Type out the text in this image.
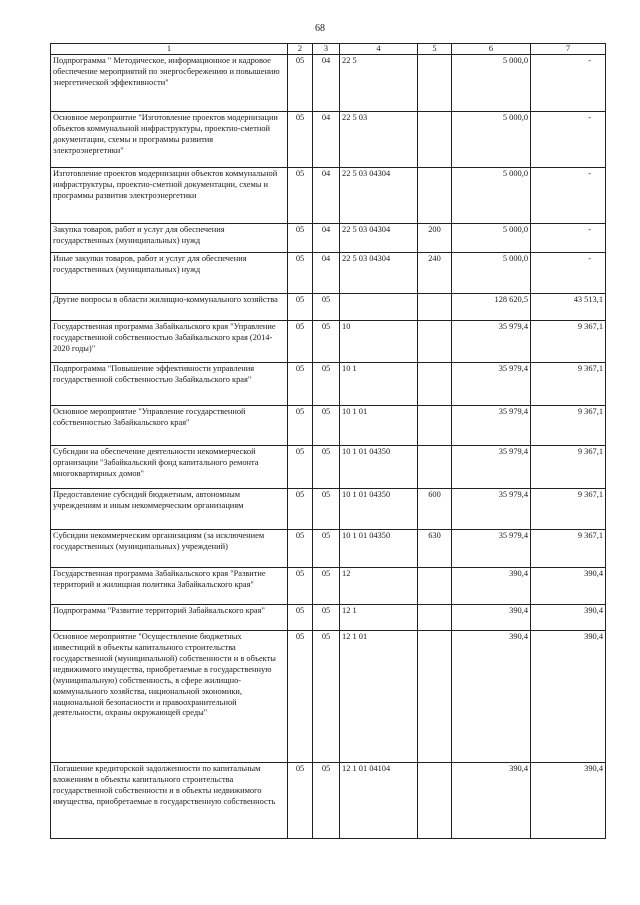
68
1	2	3	4	5	6	7
Подпрограмма " Методическое, информационное и кадровое обеспечение мероприятий по энергосбережению и повышению энергетической эффективности"	05	04	22 5		5 000,0	-
Основное мероприятие "Изготовление проектов модернизации объектов коммунальной инфраструктуры, проектно-сметной документации, схемы и программы развития электроэнергетики"	05	04	22 5 03		5 000,0	-
Изготовление проектов модернизации объектов коммунальной инфраструктуры, проектно-сметной документации, схемы и программы развития электроэнергетики	05	04	22 5 03 04304		5 000,0	-
Закупка товаров, работ и услуг для обеспечения государственных (муниципальных) нужд	05	04	22 5 03 04304	200	5 000,0	-
Иные закупки товаров, работ и услуг для обеспечения государственных (муниципальных) нужд	05	04	22 5 03 04304	240	5 000,0	-
Другие вопросы в области жилищно-коммунального хозяйства	05	05			128 620,5	43 513,1
Государственная программа Забайкальского края "Управление государственной собственностью Забайкальского края (2014-2020 годы)"	05	05	10		35 979,4	9 367,1
Подпрограмма "Повышение эффективности управления государственной собственностью Забайкальского края"	05	05	10 1		35 979,4	9 367,1
Основное мероприятие "Управление государственной собственностью Забайкальского края"	05	05	10 1 01		35 979,4	9 367,1
Субсидии на обеспечение деятельности некоммерческой организации "Забайкальский фонд капитального ремонта многоквартирных домов"	05	05	10 1 01 04350		35 979,4	9 367,1
Предоставление субсидий бюджетным, автономным учреждениям и иным некоммерческим организациям	05	05	10 1 01 04350	600	35 979,4	9 367,1
Субсидии некоммерческим организациям (за исключением государственных (муниципальных) учреждений)	05	05	10 1 01 04350	630	35 979,4	9 367,1
Государственная программа Забайкальского края "Развитие территорий и жилищная политика Забайкальского края"	05	05	12		390,4	390,4
Подпрограмма "Развитие территорий Забайкальского края"	05	05	12 1		390,4	390,4
Основное мероприятие "Осуществление бюджетных инвестиций в объекты капитального строительства государственной (муниципальной) собственности и в объекты недвижимого имущества, приобретаемые в государственную (муниципальную) собственность, в сфере жилищно-коммунального хозяйства, национальной экономики, национальной безопасности и правоохранительной деятельности, охраны окружающей среды"	05	05	12 1 01		390,4	390,4
Погашение кредиторской задолженности по капитальным вложениям в объекты капитального строительства государственной собственности и в объекты недвижимого имущества, приобретаемые в государственную собственность	05	05	12 1 01 04104		390,4	390,4
